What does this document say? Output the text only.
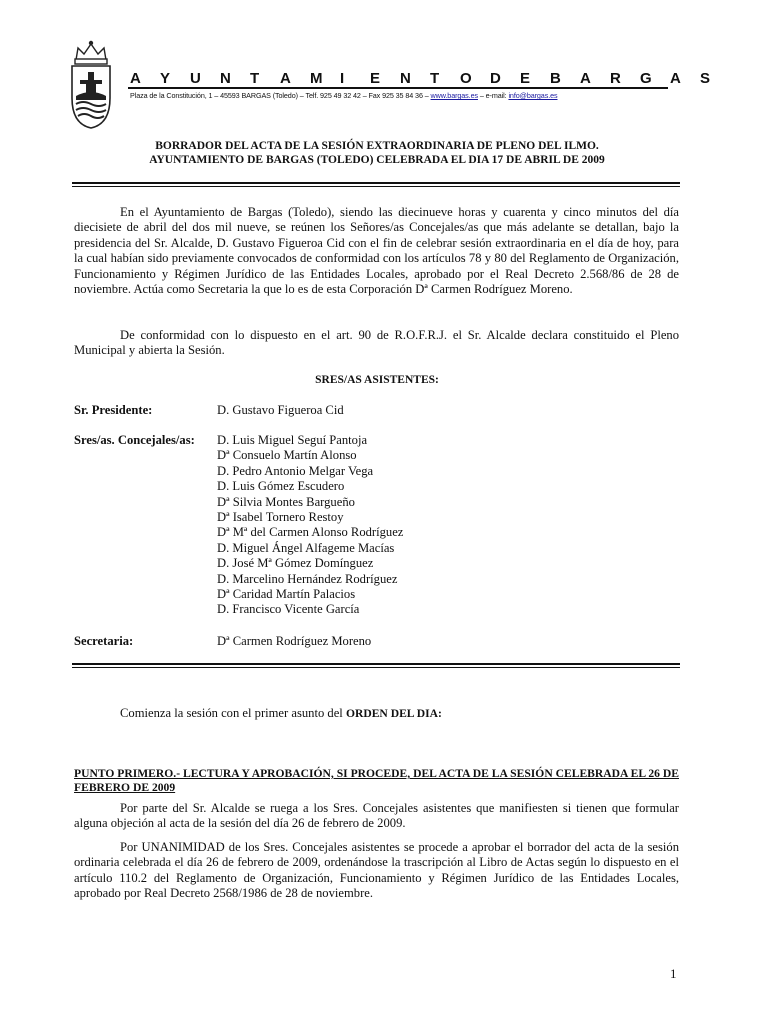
A	Y	U	N	T	A	M	I	E	N	T	O	D	E	B	A	R	G	A	S
Plaza de la Constitución, 1 – 45593 BARGAS (Toledo) – Telf. 925 49 32 42 – Fax 925 35 84 36 – www.bargas.es – e-mail: info@bargas.es
BORRADOR DEL ACTA DE LA SESIÓN EXTRAORDINARIA DE PLENO DEL ILMO.
AYUNTAMIENTO DE BARGAS (TOLEDO) CELEBRADA EL DIA 17 DE ABRIL DE 2009
En el Ayuntamiento de Bargas (Toledo), siendo las diecinueve horas y cuarenta y cinco minutos del día diecisiete de abril del dos mil nueve, se reúnen los Señores/as Concejales/as que más adelante se detallan, bajo la presidencia del Sr. Alcalde, D. Gustavo Figueroa Cid con el fin de celebrar sesión extraordinaria en el día de hoy, para la cual habían sido previamente convocados de conformidad con los artículos 78 y 80 del Reglamento de Organización, Funcionamiento y Régimen Jurídico de las Entidades Locales, aprobado por el Real Decreto 2.568/86 de 28 de noviembre. Actúa como Secretaria la que lo es de esta Corporación Dª Carmen Rodríguez Moreno.
De conformidad con lo dispuesto en el art. 90 de R.O.F.R.J. el Sr. Alcalde declara constituido el Pleno Municipal y abierta la Sesión.
SRES/AS ASISTENTES:
Sr. Presidente:	D. Gustavo Figueroa Cid
Sres/as. Concejales/as: D. Luis Miguel Seguí Pantoja
Dª Consuelo Martín Alonso
D. Pedro Antonio Melgar Vega
D. Luis Gómez Escudero
Dª Silvia Montes Bargueño
Dª Isabel Tornero Restoy
Dª Mª del Carmen Alonso Rodríguez
D. Miguel Ángel Alfageme Macías
D. José Mª Gómez Domínguez
D. Marcelino Hernández Rodríguez
Dª Caridad Martín Palacios
D. Francisco Vicente García
Secretaria:	Dª Carmen Rodríguez Moreno
Comienza la sesión con el primer asunto del ORDEN DEL DIA:
PUNTO PRIMERO.- LECTURA Y APROBACIÓN, SI PROCEDE, DEL ACTA DE LA SESIÓN CELEBRADA EL 26 DE FEBRERO DE 2009
Por parte del Sr. Alcalde se ruega a los Sres. Concejales asistentes que manifiesten si tienen que formular alguna objeción al acta de la sesión del día 26 de febrero de 2009.
Por UNANIMIDAD de los Sres. Concejales asistentes se procede a aprobar el borrador del acta de la sesión ordinaria celebrada el día 26 de febrero de 2009, ordenándose la trascripción al Libro de Actas según lo dispuesto en el artículo 110.2 del Reglamento de Organización, Funcionamiento y Régimen Jurídico de las Entidades Locales, aprobado por Real Decreto 2568/1986 de 28 de noviembre.
1
